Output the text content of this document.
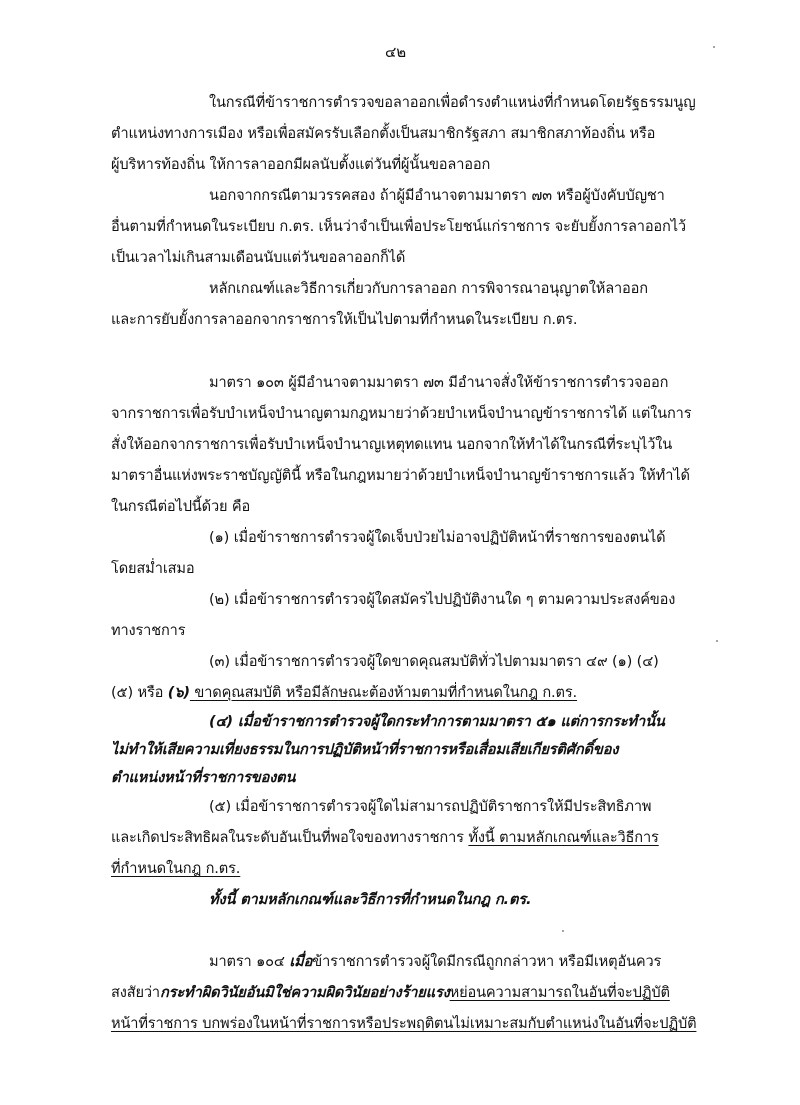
๔๒
ในกรณีที่ข้าราชการตำรวจขอลาออกเพื่อดำรงตำแหน่งที่กำหนดโดยรัฐธรรมนูญ
ตำแหน่งทางการเมือง หรือเพื่อสมัครรับเลือกตั้งเป็นสมาชิกรัฐสภา สมาชิกสภาท้องถิ่น หรือ
ผู้บริหารท้องถิ่น ให้การลาออกมีผลนับตั้งแต่วันที่ผู้นั้นขอลาออก
นอกจากกรณีตามวรรคสอง ถ้าผู้มีอำนาจตามมาตรา ๗๓ หรือผู้บังคับบัญชา
อื่นตามที่กำหนดในระเบียบ ก.ตร. เห็นว่าจำเป็นเพื่อประโยชน์แก่ราชการ จะยับยั้งการลาออกไว้
เป็นเวลาไม่เกินสามเดือนนับแต่วันขอลาออกก็ได้
หลักเกณฑ์และวิธีการเกี่ยวกับการลาออก การพิจารณาอนุญาตให้ลาออก
และการยับยั้งการลาออกจากราชการให้เป็นไปตามที่กำหนดในระเบียบ ก.ตร.
มาตรา ๑๐๓ ผู้มีอำนาจตามมาตรา ๗๓ มีอำนาจสั่งให้ข้าราชการตำรวจออก
จากราชการเพื่อรับบำเหน็จบำนาญตามกฎหมายว่าด้วยบำเหน็จบำนาญข้าราชการได้ แต่ในการ
สั่งให้ออกจากราชการเพื่อรับบำเหน็จบำนาญเหตุทดแทน นอกจากให้ทำได้ในกรณีที่ระบุไว้ใน
มาตราอื่นแห่งพระราชบัญญัตินี้ หรือในกฎหมายว่าด้วยบำเหน็จบำนาญข้าราชการแล้ว ให้ทำได้
ในกรณีต่อไปนี้ด้วย คือ
(๑) เมื่อข้าราชการตำรวจผู้ใดเจ็บป่วยไม่อาจปฏิบัติหน้าที่ราชการของตนได้
โดยสม่ำเสมอ
(๒) เมื่อข้าราชการตำรวจผู้ใดสมัครไปปฏิบัติงานใด ๆ ตามความประสงค์ของ
ทางราชการ
(๓) เมื่อข้าราชการตำรวจผู้ใดขาดคุณสมบัติทั่วไปตามมาตรา ๔๙ (๑) (๔)
(๕) หรือ (๖) ขาดคุณสมบัติ หรือมีลักษณะต้องห้ามตามที่กำหนดในกฎ ก.ตร.
(๔) เมื่อข้าราชการตำรวจผู้ใดกระทำการตามมาตรา ๕๑ แต่การกระทำนั้น
ไม่ทำให้เสียความเที่ยงธรรมในการปฏิบัติหน้าที่ราชการหรือเสื่อมเสียเกียรติศักดิ์ของ
ตำแหน่งหน้าที่ราชการของตน
(๕) เมื่อข้าราชการตำรวจผู้ใดไม่สามารถปฏิบัติราชการให้มีประสิทธิภาพ
และเกิดประสิทธิผลในระดับอันเป็นที่พอใจของทางราชการ ทั้งนี้ ตามหลักเกณฑ์และวิธีการ
ที่กำหนดในกฎ ก.ตร.
ทั้งนี้ ตามหลักเกณฑ์และวิธีการที่กำหนดในกฎ ก.ตร.
มาตรา ๑๐๔ เมื่อข้าราชการตำรวจผู้ใดมีกรณีถูกกล่าวหา หรือมีเหตุอันควร
สงสัยว่ากระทำผิดวินัยอันมิใช่ความผิดวินัยอย่างร้ายแรงหย่อนความสามารถในอันที่จะปฏิบัติ
หน้าที่ราชการ บกพร่องในหน้าที่ราชการหรือประพฤติตนไม่เหมาะสมกับตำแหน่งในอันที่จะปฏิบัติ
